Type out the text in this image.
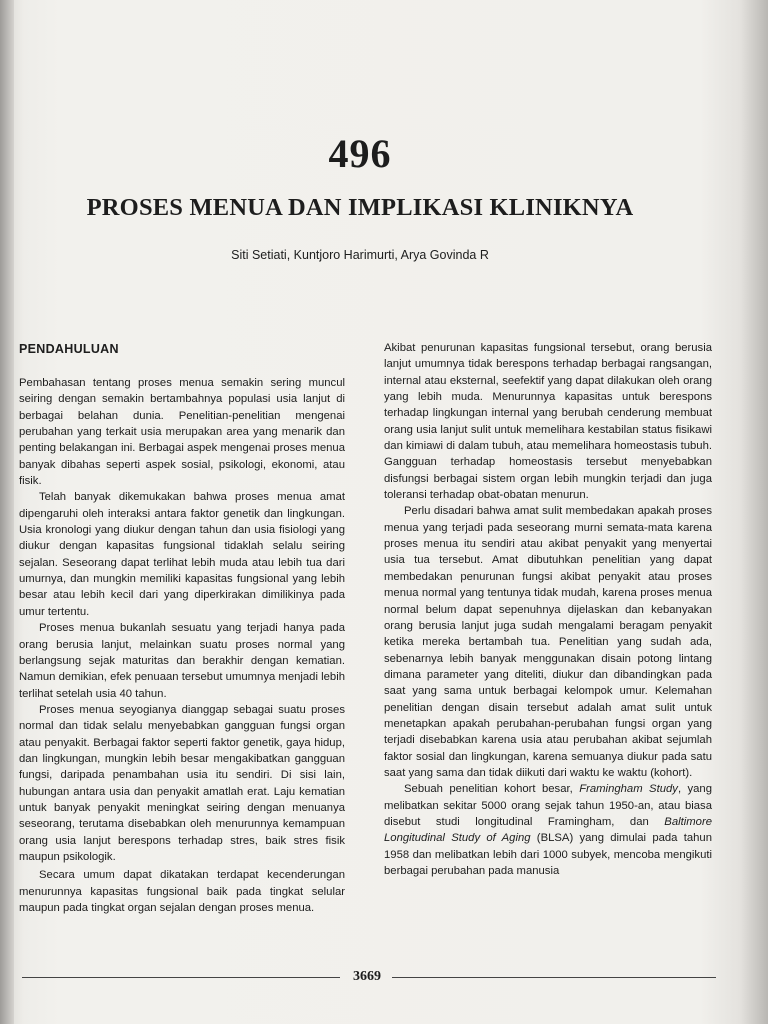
496
PROSES MENUA DAN IMPLIKASI KLINIKNYA
Siti Setiati, Kuntjoro Harimurti, Arya Govinda R
PENDAHULUAN

Pembahasan tentang proses menua semakin sering muncul seiring dengan semakin bertambahnya populasi usia lanjut di berbagai belahan dunia. Penelitian-penelitian mengenai perubahan yang terkait usia merupakan area yang menarik dan penting belakangan ini. Berbagai aspek mengenai proses menua banyak dibahas seperti aspek sosial, psikologi, ekonomi, atau fisik.

Telah banyak dikemukakan bahwa proses menua amat dipengaruhi oleh interaksi antara faktor genetik dan lingkungan. Usia kronologi yang diukur dengan tahun dan usia fisiologi yang diukur dengan kapasitas fungsional tidaklah selalu seiring sejalan. Seseorang dapat terlihat lebih muda atau lebih tua dari umurnya, dan mungkin memiliki kapasitas fungsional yang lebih besar atau lebih kecil dari yang diperkirakan dimilikinya pada umur tertentu.

Proses menua bukanlah sesuatu yang terjadi hanya pada orang berusia lanjut, melainkan suatu proses normal yang berlangsung sejak maturitas dan berakhir dengan kematian. Namun demikian, efek penuaan tersebut umumnya menjadi lebih terlihat setelah usia 40 tahun.

Proses menua seyogianya dianggap sebagai suatu proses normal dan tidak selalu menyebabkan gangguan fungsi organ atau penyakit. Berbagai faktor seperti faktor genetik, gaya hidup, dan lingkungan, mungkin lebih besar mengakibatkan gangguan fungsi, daripada penambahan usia itu sendiri. Di sisi lain, hubungan antara usia dan penyakit amatlah erat. Laju kematian untuk banyak penyakit meningkat seiring dengan menuanya seseorang, terutama disebabkan oleh menurunnya kemampuan orang usia lanjut berespons terhadap stres, baik stres fisik maupun psikologik.

Secara umum dapat dikatakan terdapat kecenderungan menurunnya kapasitas fungsional baik pada tingkat selular maupun pada tingkat organ sejalan dengan proses menua.

Akibat penurunan kapasitas fungsional tersebut, orang berusia lanjut umumnya tidak berespons terhadap berbagai rangsangan, internal atau eksternal, seefektif yang dapat dilakukan oleh orang yang lebih muda. Menurunnya kapasitas untuk berespons terhadap lingkungan internal yang berubah cenderung membuat orang usia lanjut sulit untuk memelihara kestabilan status fisikawi dan kimiawi di dalam tubuh, atau memelihara homeostasis tubuh. Gangguan terhadap homeostasis tersebut menyebabkan disfungsi berbagai sistem organ lebih mungkin terjadi dan juga toleransi terhadap obat-obatan menurun.

Perlu disadari bahwa amat sulit membedakan apakah proses menua yang terjadi pada seseorang murni semata-mata karena proses menua itu sendiri atau akibat penyakit yang menyertai usia tua tersebut. Amat dibutuhkan penelitian yang dapat membedakan penurunan fungsi akibat penyakit atau proses menua normal yang tentunya tidak mudah, karena proses menua normal belum dapat sepenuhnya dijelaskan dan kebanyakan orang berusia lanjut juga sudah mengalami beragam penyakit ketika mereka bertambah tua. Penelitian yang sudah ada, sebenarnya lebih banyak menggunakan disain potong lintang dimana parameter yang diteliti, diukur dan dibandingkan pada saat yang sama untuk berbagai kelompok umur. Kelemahan penelitian dengan disain tersebut adalah amat sulit untuk menetapkan apakah perubahan-perubahan fungsi organ yang terjadi disebabkan karena usia atau perubahan akibat sejumlah faktor sosial dan lingkungan, karena semuanya diukur pada satu saat yang sama dan tidak diikuti dari waktu ke waktu (kohort).

Sebuah penelitian kohort besar, Framingham Study, yang melibatkan sekitar 5000 orang sejak tahun 1950-an, atau biasa disebut studi longitudinal Framingham, dan Baltimore Longitudinal Study of Aging (BLSA) yang dimulai pada tahun 1958 dan melibatkan lebih dari 1000 subyek, mencoba mengikuti berbagai perubahan pada manusia

3669
